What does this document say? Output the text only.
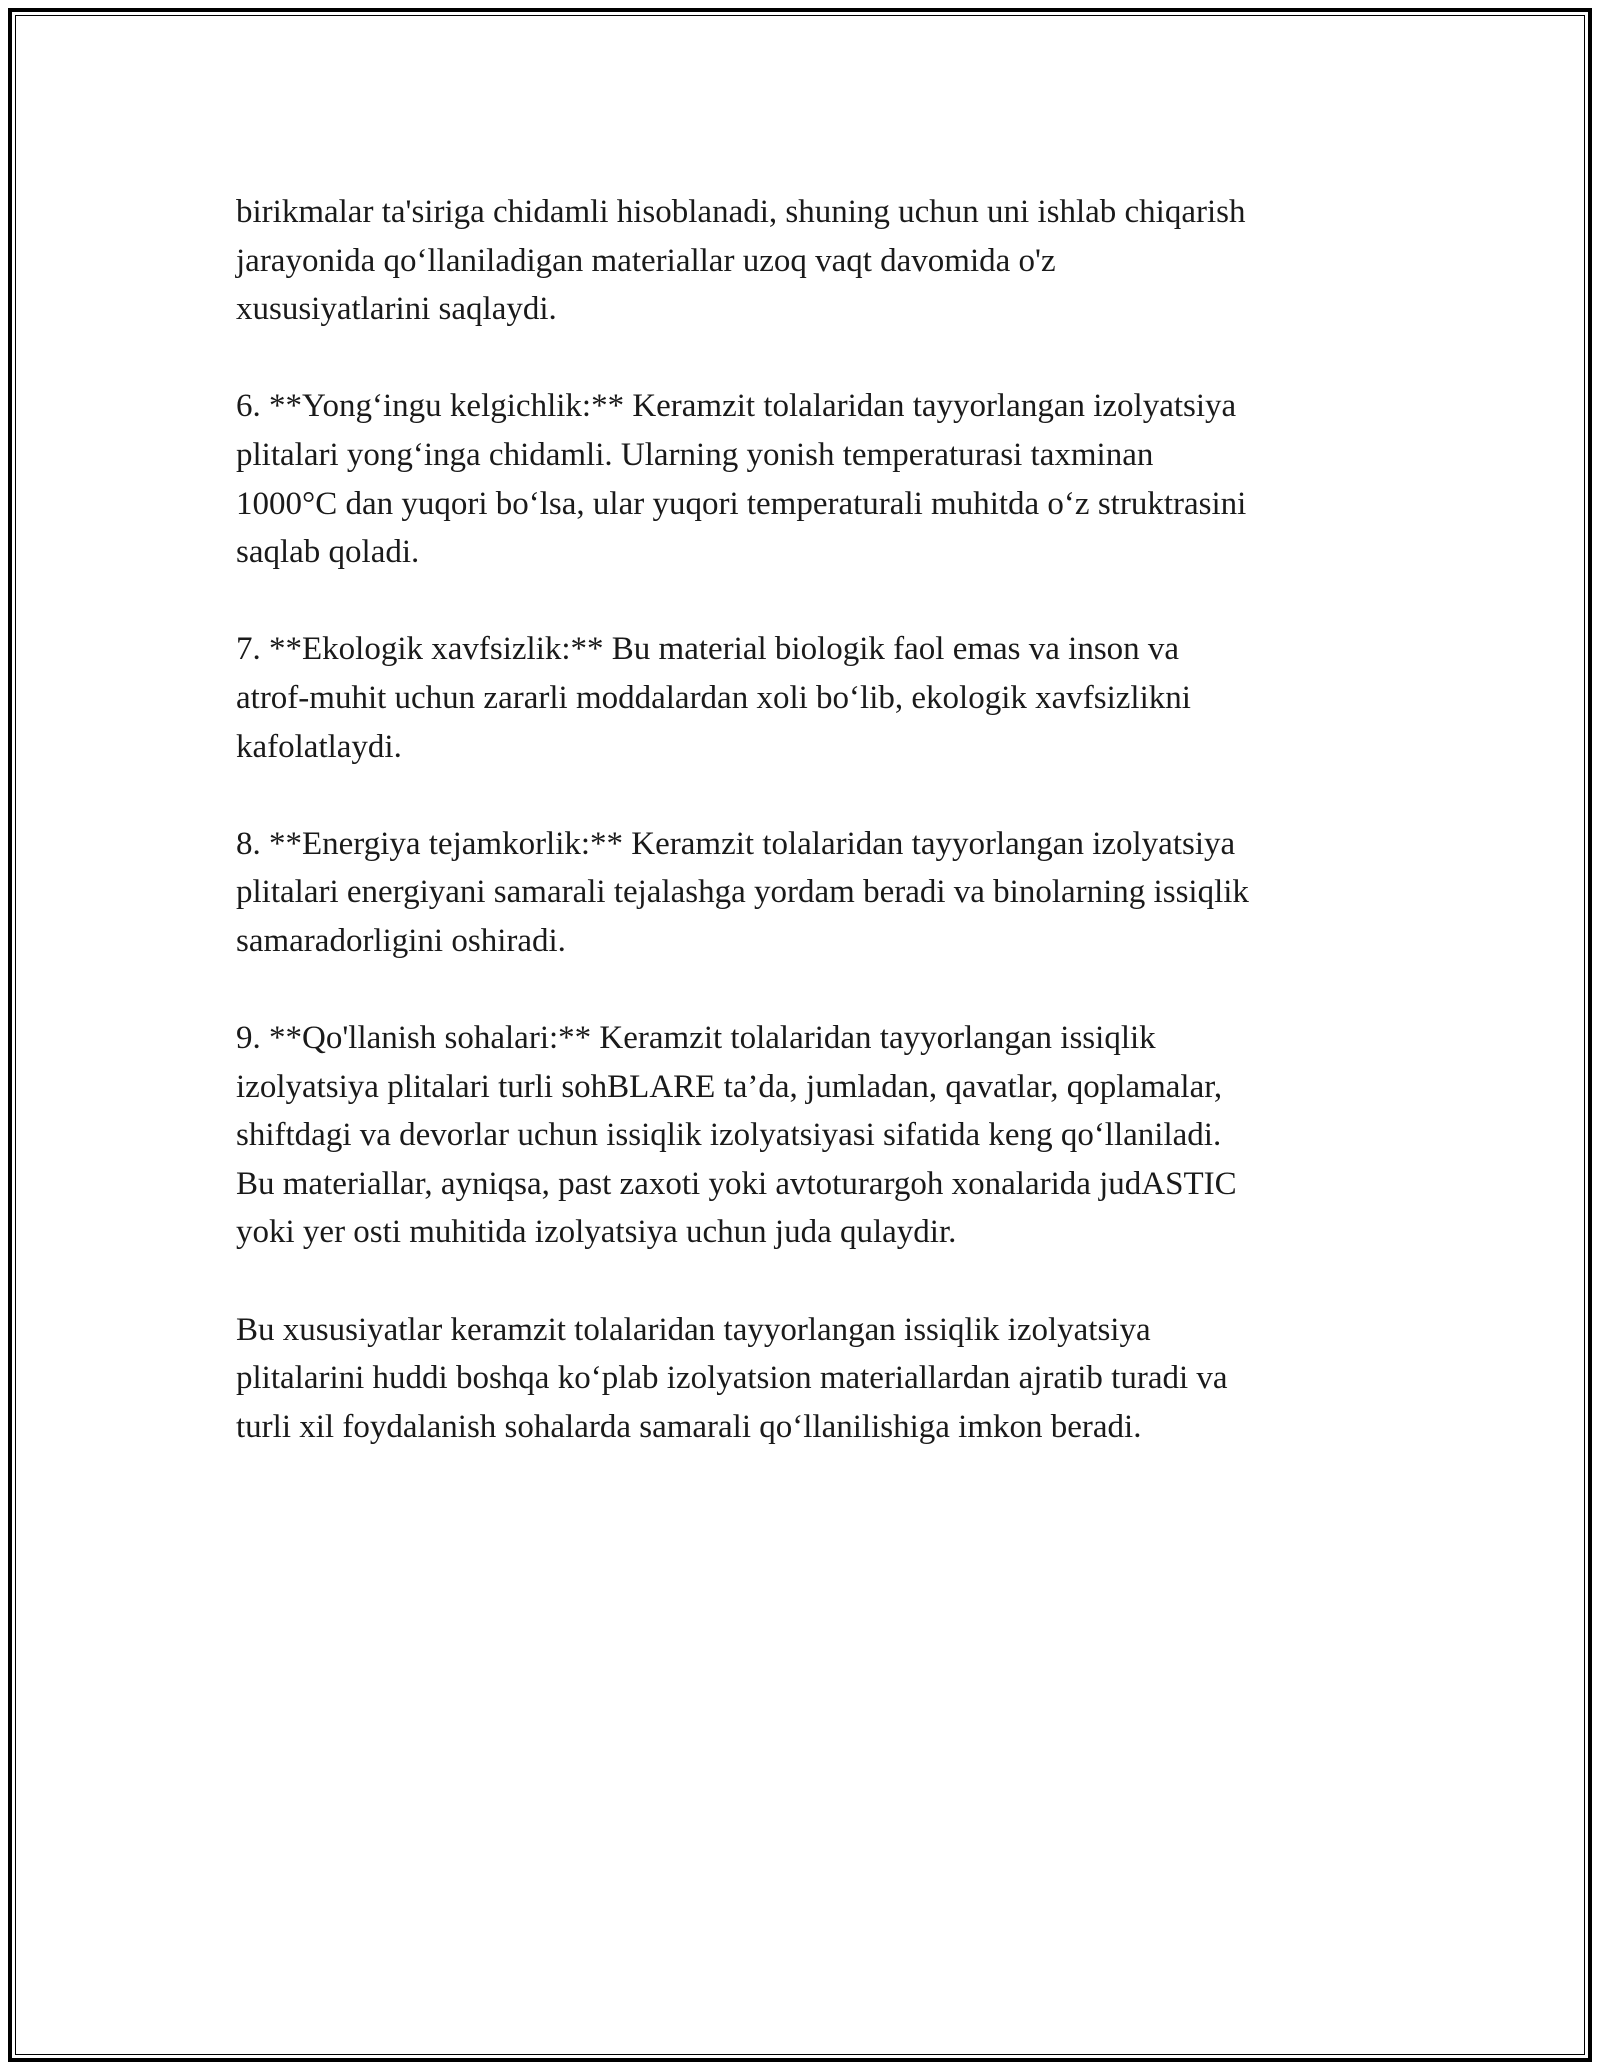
birikmalar ta'siriga chidamli hisoblanadi, shuning uchun uni ishlab chiqarish
jarayonida qo‘llaniladigan materiallar uzoq vaqt davomida o'z
xususiyatlarini saqlaydi.

6. **Yong‘ingu kelgichlik:** Keramzit tolalaridan tayyorlangan izolyatsiya
plitalari yong‘inga chidamli. Ularning yonish temperaturasi taxminan
1000°C dan yuqori bo‘lsa, ular yuqori temperaturali muhitda o‘z struktrasini
saqlab qoladi.

7. **Ekologik xavfsizlik:** Bu material biologik faol emas va inson va
atrof-muhit uchun zararli moddalardan xoli bo‘lib, ekologik xavfsizlikni
kafolatlaydi.

8. **Energiya tejamkorlik:** Keramzit tolalaridan tayyorlangan izolyatsiya
plitalari energiyani samarali tejalashga yordam beradi va binolarning issiqlik
samaradorligini oshiradi.

9. **Qo'llanish sohalari:** Keramzit tolalaridan tayyorlangan issiqlik
izolyatsiya plitalari turli sohBLARE ta’da, jumladan, qavatlar, qoplamalar,
shiftdagi va devorlar uchun issiqlik izolyatsiyasi sifatida keng qo‘llaniladi.
Bu materiallar, ayniqsa, past zaxoti yoki avtoturargoh xonalarida judASTIC
yoki yer osti muhitida izolyatsiya uchun juda qulaydir.

Bu xususiyatlar keramzit tolalaridan tayyorlangan issiqlik izolyatsiya
plitalarini huddi boshqa ko‘plab izolyatsion materiallardan ajratib turadi va
turli xil foydalanish sohalarda samarali qo‘llanilishiga imkon beradi.
